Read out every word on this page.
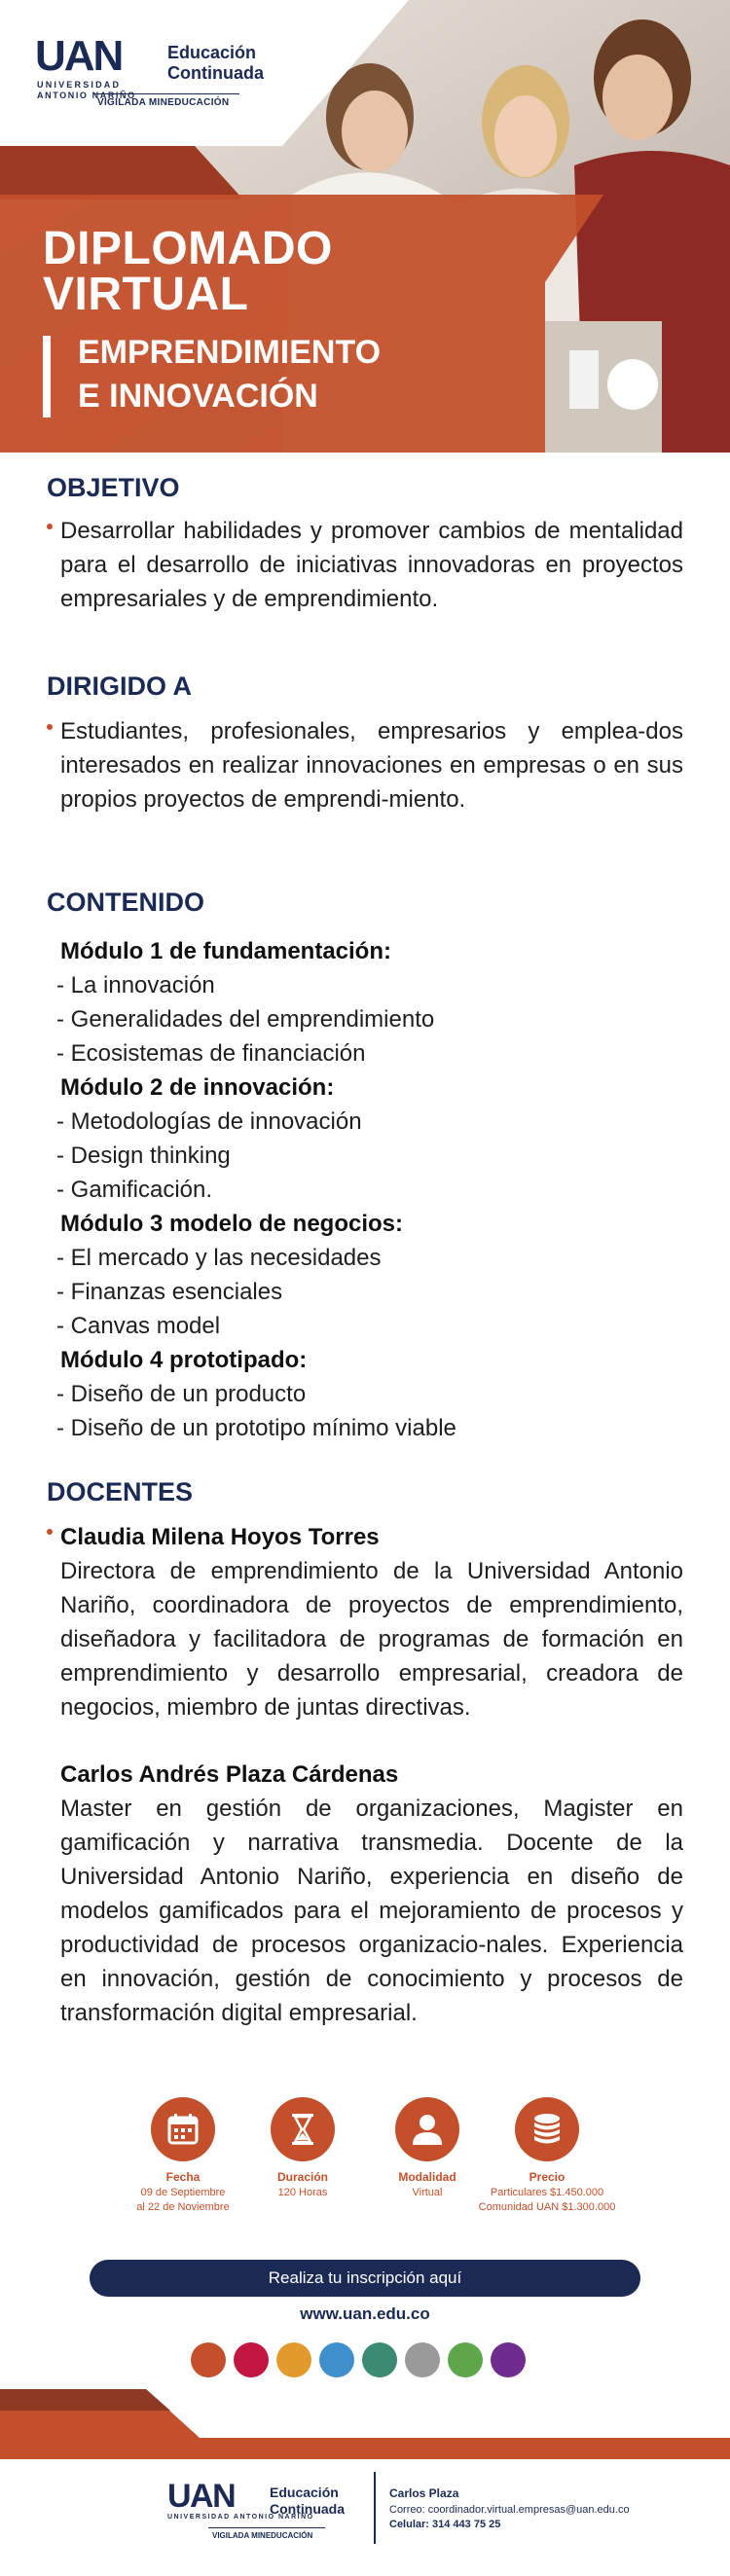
UAN
UNIVERSIDAD
ANTONIO NARIÑO
Educación
Continuada
VIGILADA MINEDUCACIÓN
DIPLOMADO
VIRTUAL
EMPRENDIMIENTO
E INNOVACIÓN
OBJETIVO
Desarrollar habilidades y promover cambios de mentalidad para el desarrollo de iniciativas innovadoras en proyectos empresariales y de emprendimiento.
DIRIGIDO A
Estudiantes, profesionales, empresarios y emplea-dos interesados en realizar innovaciones en empresas o en sus propios proyectos de emprendi-miento.
CONTENIDO
Módulo 1 de fundamentación:
- La innovación
- Generalidades del emprendimiento
- Ecosistemas de financiación
Módulo 2 de innovación:
- Metodologías de innovación
- Design thinking
- Gamificación.
Módulo 3 modelo de negocios:
- El mercado y las necesidades
- Finanzas esenciales
- Canvas model
Módulo 4 prototipado:
- Diseño de un producto
- Diseño de un prototipo mínimo viable
DOCENTES
Claudia Milena Hoyos Torres
Directora de emprendimiento de la Universidad Antonio Nariño, coordinadora de proyectos de emprendimiento, diseñadora y facilitadora de programas de formación en emprendimiento y desarrollo empresarial, creadora de negocios, miembro de juntas directivas.
Carlos Andrés Plaza Cárdenas
Master en gestión de organizaciones, Magister en gamificación y narrativa transmedia. Docente de la Universidad Antonio Nariño, experiencia en diseño de modelos gamificados para el mejoramiento de procesos y productividad de procesos organizacio-nales. Experiencia en innovación, gestión de conocimiento y procesos de transformación digital empresarial.
Fecha
09 de Septiembre
al 22 de Noviembre
Duración
120 Horas
Modalidad
Virtual
Precio
Particulares $1.450.000
Comunidad UAN $1.300.000
Realiza tu inscripción aquí
www.uan.edu.co
UAN
UNIVERSIDAD ANTONIO NARIÑO
Educación
Continuada
VIGILADA MINEDUCACIÓN
Carlos Plaza
Correo: coordinador.virtual.empresas@uan.edu.co
Celular: 314 443 75 25
